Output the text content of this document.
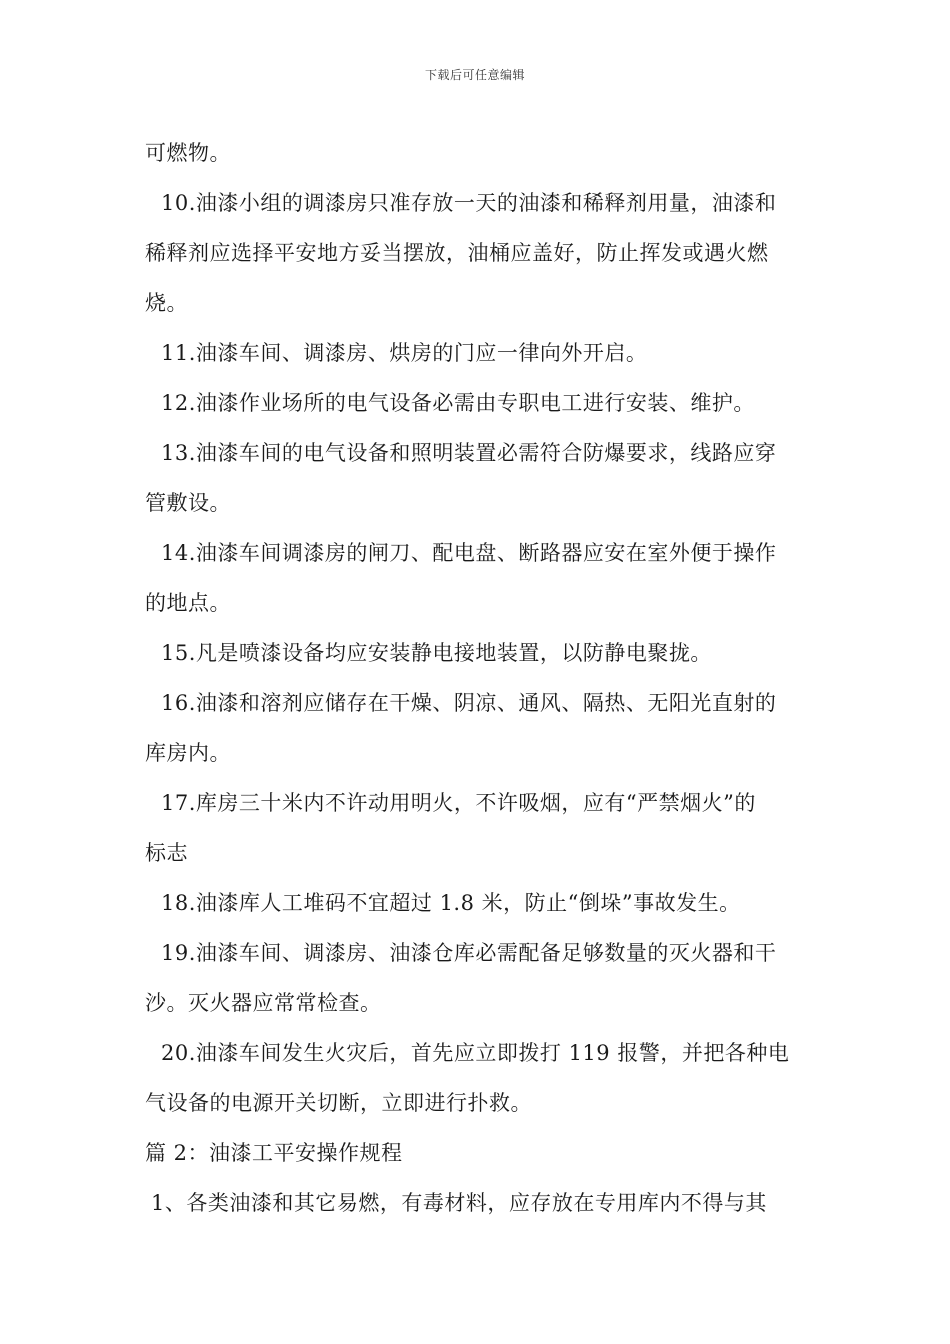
下载后可任意编辑
可燃物。
10.油漆小组的调漆房只准存放一天的油漆和稀释剂用量，油漆和
稀释剂应选择平安地方妥当摆放，油桶应盖好，防止挥发或遇火燃
烧。
11.油漆车间、调漆房、烘房的门应一律向外开启。
12.油漆作业场所的电气设备必需由专职电工进行安装、维护。
13.油漆车间的电气设备和照明装置必需符合防爆要求，线路应穿
管敷设。
14.油漆车间调漆房的闸刀、配电盘、断路器应安在室外便于操作
的地点。
15.凡是喷漆设备均应安装静电接地装置，以防静电聚拢。
16.油漆和溶剂应储存在干燥、阴凉、通风、隔热、无阳光直射的
库房内。
17.库房三十米内不许动用明火，不许吸烟，应有“严禁烟火”的
标志
18.油漆库人工堆码不宜超过 1.8 米，防止“倒垛”事故发生。
19.油漆车间、调漆房、油漆仓库必需配备足够数量的灭火器和干
沙。灭火器应常常检查。
20.油漆车间发生火灾后，首先应立即拨打 119 报警，并把各种电
气设备的电源开关切断，立即进行扑救。
篇 2：油漆工平安操作规程
1、各类油漆和其它易燃，有毒材料，应存放在专用库内不得与其
